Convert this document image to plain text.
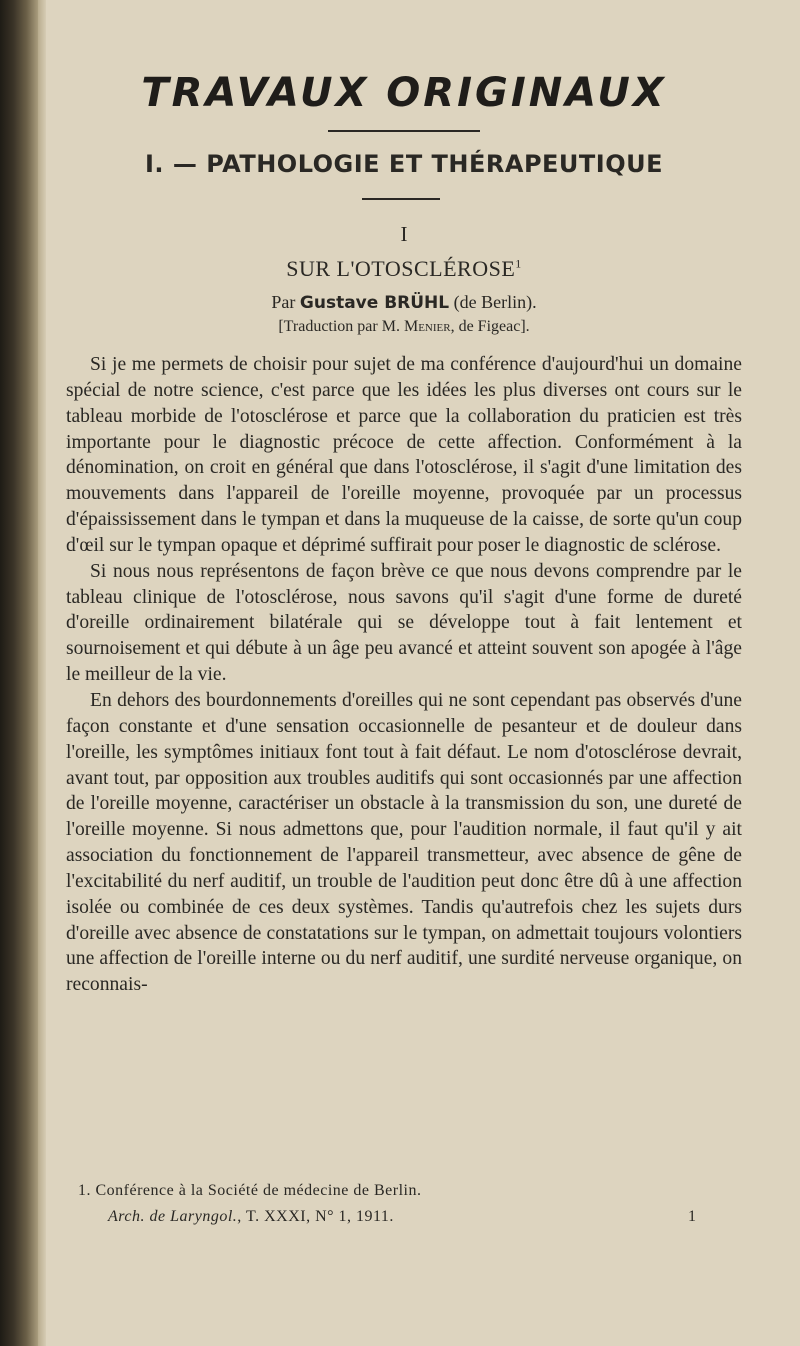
TRAVAUX ORIGINAUX
I. — PATHOLOGIE ET THÉRAPEUTIQUE
I
SUR L'OTOSCLÉROSE$^1$
Par Gustave BRÜHL (de Berlin).
[Traduction par M. Menier, de Figeac].

Si je me permets de choisir pour sujet de ma conférence d'aujourd'hui un domaine spécial de notre science, c'est parce que les idées les plus diverses ont cours sur le tableau morbide de l'otosclérose et parce que la collaboration du praticien est très importante pour le diagnostic précoce de cette affection. Conformément à la dénomination, on croit en général que dans l'otosclérose, il s'agit d'une limitation des mouvements dans l'appareil de l'oreille moyenne, provoquée par un processus d'épaississement dans le tympan et dans la muqueuse de la caisse, de sorte qu'un coup d'œil sur le tympan opaque et déprimé suffirait pour poser le diagnostic de sclérose.

Si nous nous représentons de façon brève ce que nous devons comprendre par le tableau clinique de l'otosclérose, nous savons qu'il s'agit d'une forme de dureté d'oreille ordinairement bilatérale qui se développe tout à fait lentement et sournoisement et qui débute à un âge peu avancé et atteint souvent son apogée à l'âge le meilleur de la vie.

En dehors des bourdonnements d'oreilles qui ne sont cependant pas observés d'une façon constante et d'une sensation occasionnelle de pesanteur et de douleur dans l'oreille, les symptômes initiaux font tout à fait défaut. Le nom d'otosclérose devrait, avant tout, par opposition aux troubles auditifs qui sont occasionnés par une affection de l'oreille moyenne, caractériser un obstacle à la transmission du son, une dureté de l'oreille moyenne. Si nous admettons que, pour l'audition normale, il faut qu'il y ait association du fonctionnement de l'appareil transmetteur, avec absence de gêne de l'excitabilité du nerf auditif, un trouble de l'audition peut donc être dû à une affection isolée ou combinée de ces deux systèmes. Tandis qu'autrefois chez les sujets durs d'oreille avec absence de constatations sur le tympan, on admettait toujours volontiers une affection de l'oreille interne ou du nerf auditif, une surdité nerveuse organique, on reconnais-

1. Conférence à la Société de médecine de Berlin.
Arch. de Laryngol., T. XXXI, N° 1, 1911.	1
